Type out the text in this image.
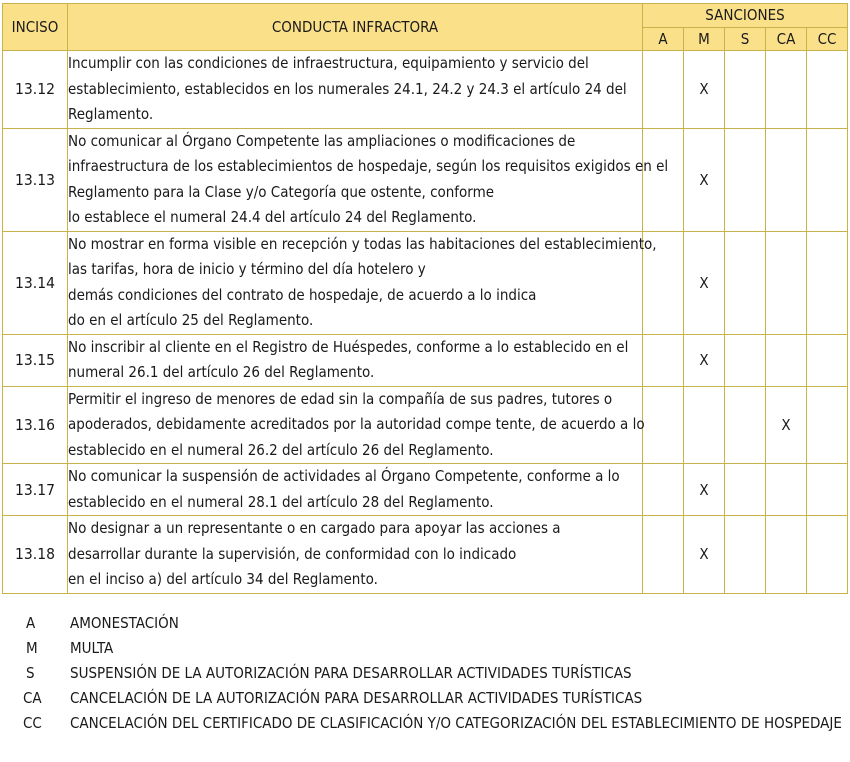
INCISO	CONDUCTA INFRACTORA	SANCIONES				
		A	M	S	CA	CC
13.12	Incumplir con las condiciones de infraestructura, equipamiento y servicio del
establecimiento, establecidos en los numerales 24.1, 24.2 y 24.3 el artículo 24 del
Reglamento.		X			
13.13	No comunicar al Órgano Competente las ampliaciones o modificaciones de
infraestructura de los establecimientos de hospedaje, según los requisitos exigidos en el
Reglamento para la Clase y/o Categoría que ostente, conforme
lo establece el numeral 24.4 del artículo 24 del Reglamento.		X			
13.14	No mostrar en forma visible en recepción y todas las habitaciones del establecimiento,
las tarifas, hora de inicio y término del día hotelero y
demás condiciones del contrato de hospedaje, de acuerdo a lo indica
do en el artículo 25 del Reglamento.		X			
13.15	No inscribir al cliente en el Registro de Huéspedes, conforme a lo establecido en el
numeral 26.1 del artículo 26 del Reglamento.		X			
13.16	Permitir el ingreso de menores de edad sin la compañía de sus padres, tutores o
apoderados, debidamente acreditados por la autoridad compe tente, de acuerdo a lo
establecido en el numeral 26.2 del artículo 26 del Reglamento.				X	
13.17	No comunicar la suspensión de actividades al Órgano Competente, conforme a lo
establecido en el numeral 28.1 del artículo 28 del Reglamento.		X			
13.18	No designar a un representante o en cargado para apoyar las acciones a
desarrollar durante la supervisión, de conformidad con lo indicado
en el inciso a) del artículo 34 del Reglamento.		X			
A AMONESTACIÓN
M MULTA
S SUSPENSIÓN DE LA AUTORIZACIÓN PARA DESARROLLAR ACTIVIDADES TURÍSTICAS
CA CANCELACIÓN DE LA AUTORIZACIÓN PARA DESARROLLAR ACTIVIDADES TURÍSTICAS
CC CANCELACIÓN DEL CERTIFICADO DE CLASIFICACIÓN Y/O CATEGORIZACIÓN DEL ESTABLECIMIENTO DE HOSPEDAJE
